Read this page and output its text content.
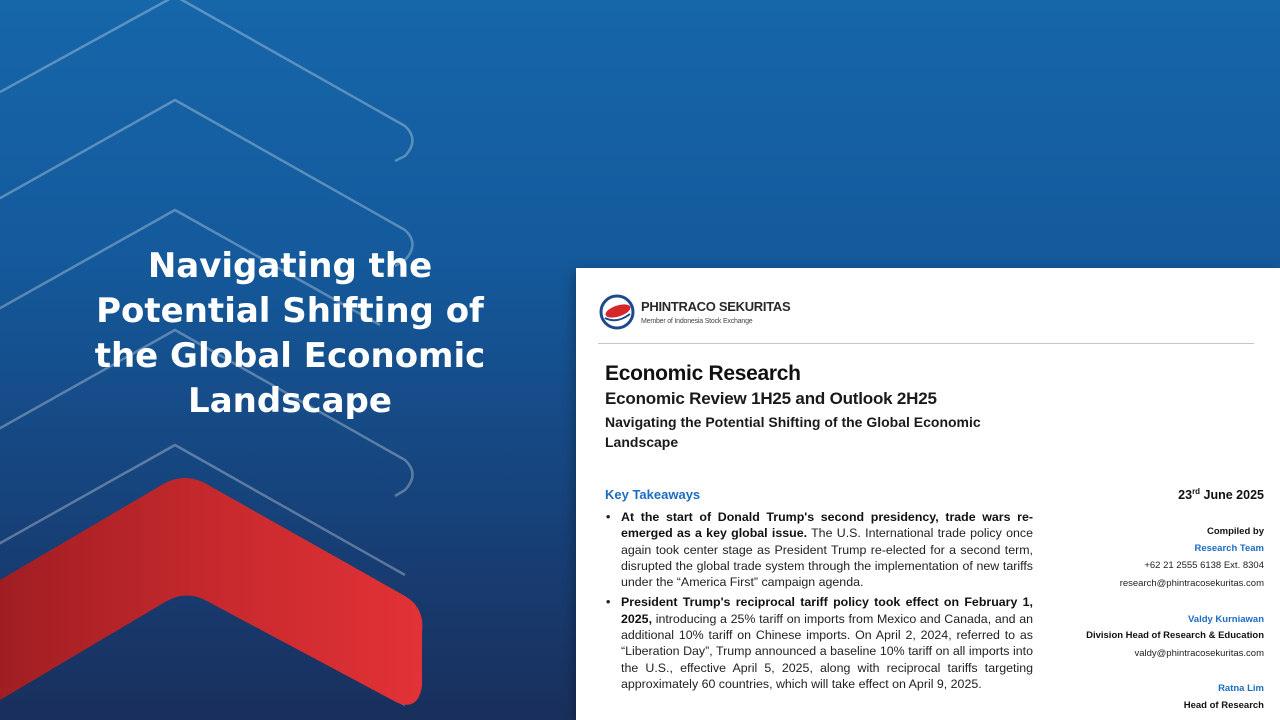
Navigating the
Potential Shifting of
the Global Economic
Landscape
PHINTRACO SEKURITAS
Member of Indonesia Stock Exchange
Economic Research
Economic Review 1H25 and Outlook 2H25
Navigating the Potential Shifting of the Global Economic Landscape
Key Takeaways
• At the start of Donald Trump's second presidency, trade wars re-emerged as a key global issue. The U.S. International trade policy once again took center stage as President Trump re-elected for a second term, disrupted the global trade system through the implementation of new tariffs under the “America First” campaign agenda.
• President Trump's reciprocal tariff policy took effect on February 1, 2025, introducing a 25% tariff on imports from Mexico and Canada, and an additional 10% tariff on Chinese imports. On April 2, 2024, referred to as “Liberation Day”, Trump announced a baseline 10% tariff on all imports into the U.S., effective April 5, 2025, along with reciprocal tariffs targeting approximately 60 countries, which will take effect on April 9, 2025.
23rd June 2025
Compiled by
Research Team
+62 21 2555 6138 Ext. 8304
research@phintracosekuritas.com
Valdy Kurniawan
Division Head of Research & Education
valdy@phintracosekuritas.com
Ratna Lim
Head of Research
